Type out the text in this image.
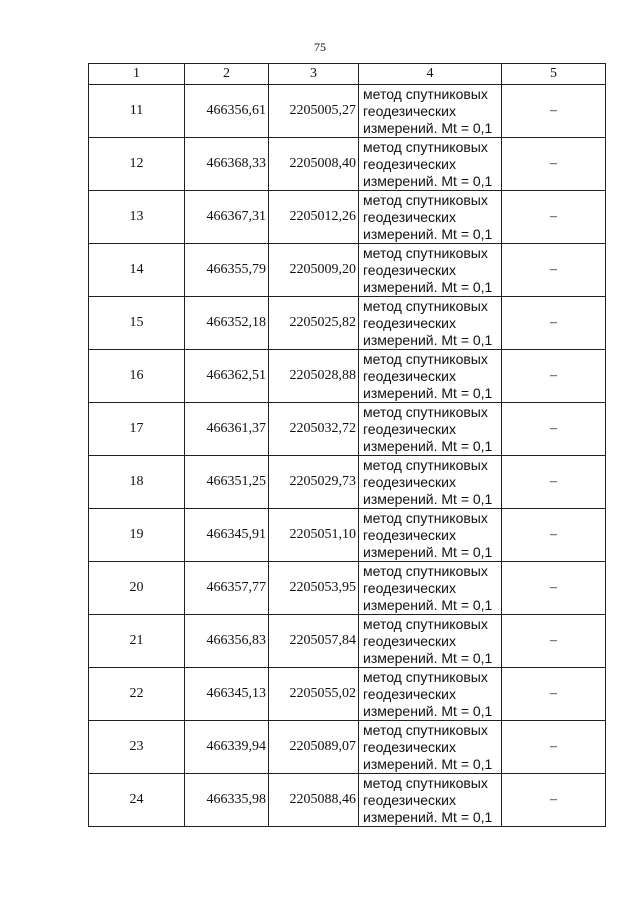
75
1	2	3	4	5
11	466356,61	2205005,27	метод спутниковых
геодезических
измерений. Mt = 0,1	–
12	466368,33	2205008,40	метод спутниковых
геодезических
измерений. Mt = 0,1	–
13	466367,31	2205012,26	метод спутниковых
геодезических
измерений. Mt = 0,1	–
14	466355,79	2205009,20	метод спутниковых
геодезических
измерений. Mt = 0,1	–
15	466352,18	2205025,82	метод спутниковых
геодезических
измерений. Mt = 0,1	–
16	466362,51	2205028,88	метод спутниковых
геодезических
измерений. Mt = 0,1	–
17	466361,37	2205032,72	метод спутниковых
геодезических
измерений. Mt = 0,1	–
18	466351,25	2205029,73	метод спутниковых
геодезических
измерений. Mt = 0,1	–
19	466345,91	2205051,10	метод спутниковых
геодезических
измерений. Mt = 0,1	–
20	466357,77	2205053,95	метод спутниковых
геодезических
измерений. Mt = 0,1	–
21	466356,83	2205057,84	метод спутниковых
геодезических
измерений. Mt = 0,1	–
22	466345,13	2205055,02	метод спутниковых
геодезических
измерений. Mt = 0,1	–
23	466339,94	2205089,07	метод спутниковых
геодезических
измерений. Mt = 0,1	–
24	466335,98	2205088,46	метод спутниковых
геодезических
измерений. Mt = 0,1	–
